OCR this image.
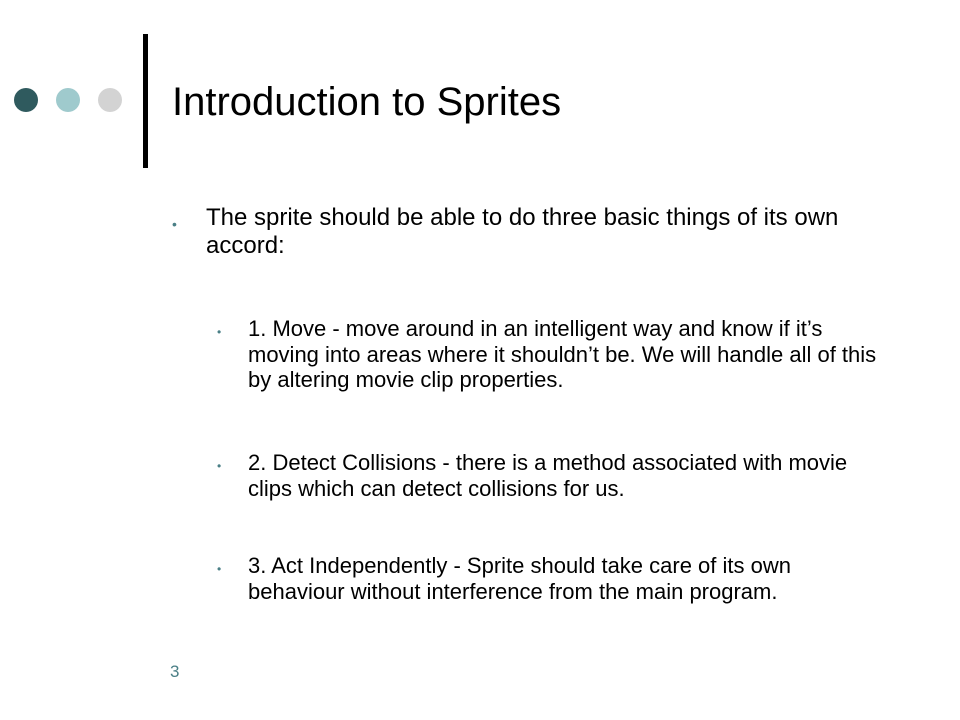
Introduction to Sprites
• The sprite should be able to do three basic things of its own accord:
• 1. Move - move around in an intelligent way and know if it’s moving into areas where it shouldn’t be. We will handle all of this by altering movie clip properties.
• 2. Detect Collisions - there is a method associated with movie clips which can detect collisions for us.
• 3. Act Independently - Sprite should take care of its own behaviour without interference from the main program.
3
